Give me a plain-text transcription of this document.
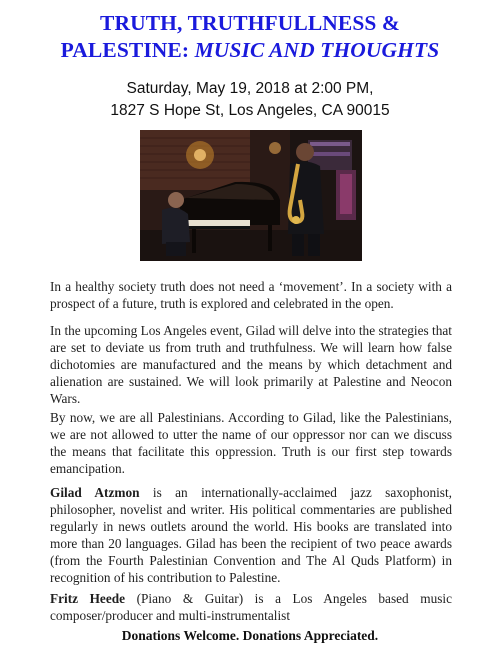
TRUTH, TRUTHFULLNESS &
PALESTINE: MUSIC AND THOUGHTS
Saturday, May 19, 2018 at 2:00 PM,
1827 S Hope St, Los Angeles, CA 90015

In a healthy society truth does not need a ‘movement’. In a society with a prospect of a future, truth is explored and celebrated in the open.

In the upcoming Los Angeles event, Gilad will delve into the strategies that are set to deviate us from truth and truthfulness. We will learn how false dichotomies are manufactured and the means by which detachment and alienation are sustained. We will look primarily at Palestine and Neocon Wars.

By now, we are all Palestinians. According to Gilad, like the Palestinians, we are not allowed to utter the name of our oppressor nor can we discuss the means that facilitate this oppression. Truth is our first step towards emancipation.

Gilad Atzmon is an internationally-acclaimed jazz saxophonist, philosopher, novelist and writer. His political commentaries are published regularly in news outlets around the world. His books are translated into more than 20 languages. Gilad has been the recipient of two peace awards (from the Fourth Palestinian Convention and The Al Quds Platform) in recognition of his contribution to Palestine.

Fritz Heede (Piano & Guitar) is a Los Angeles based music composer/producer and multi-instrumentalist

Donations Welcome. Donations Appreciated.
